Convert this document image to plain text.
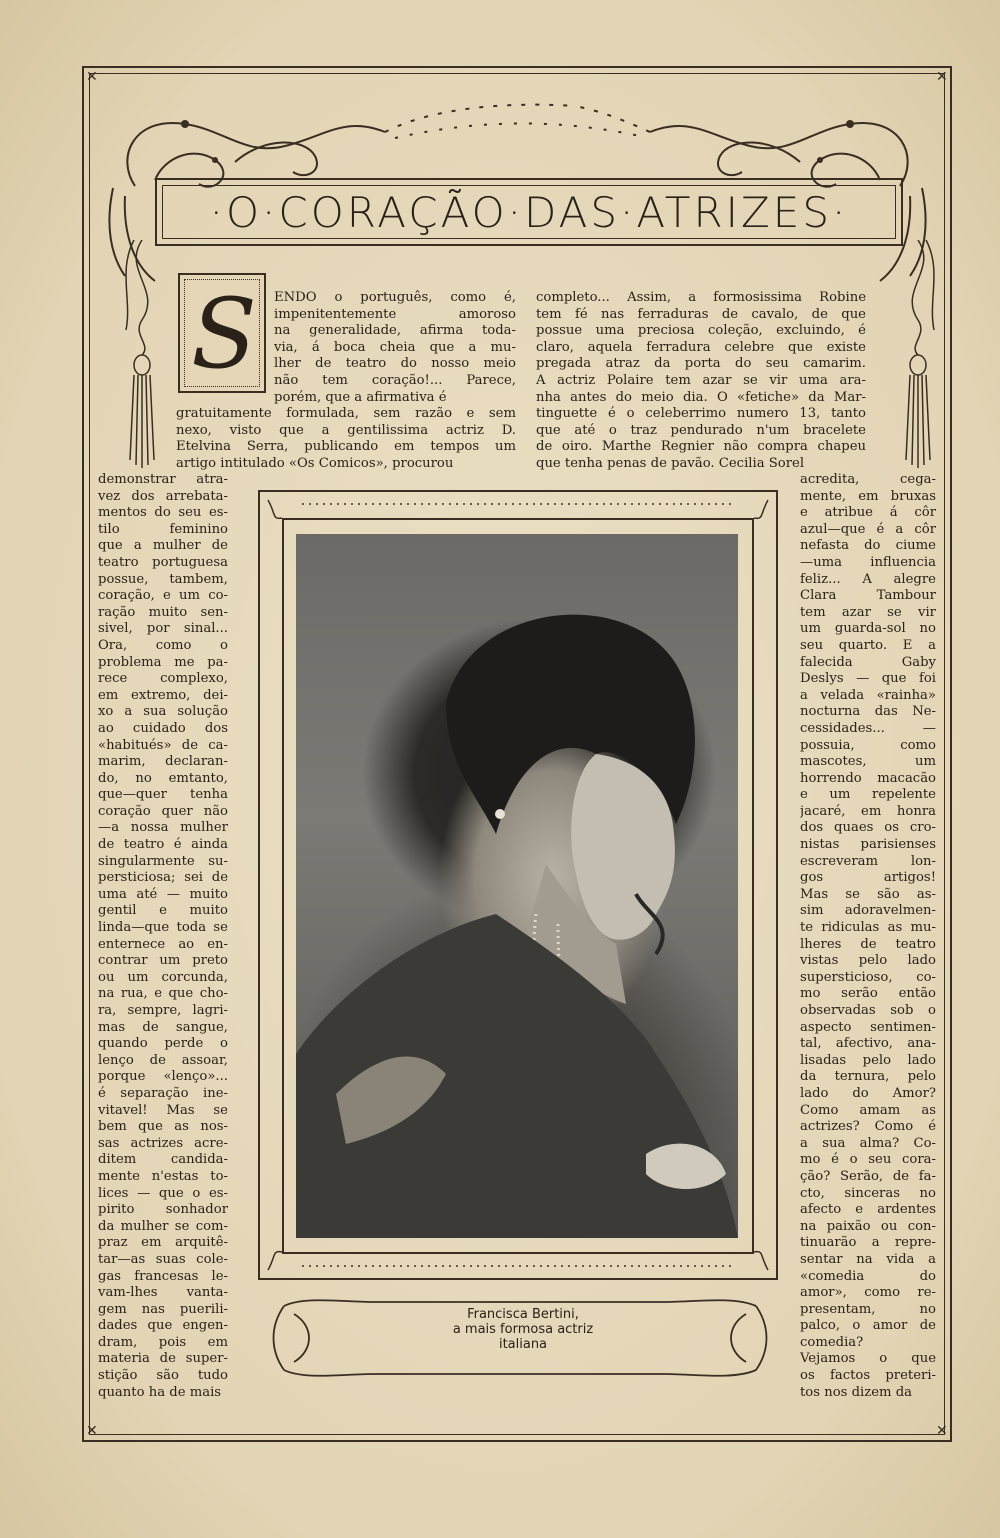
✕	✕
✕	✕
·O·CORAÇÃO·DAS·ATRIZES·
S	ENDO o português, como é,
impenitentemente amoroso
na generalidade, afirma toda-
via, á boca cheia que a mu-
lher de teatro do nosso meio
não tem coração!... Parece,
porém, que a afirmativa é
gratuitamente formulada, sem razão e sem
nexo, visto que a gentilissima actriz D.
Etelvina Serra, publicando em tempos um
artigo intitulado «Os Comicos», procurou
demonstrar atra-
vez dos arrebata-
mentos do seu es-
tilo feminino
que a mulher de
teatro portuguesa
possue, tambem,
coração, e um co-
ração muito sen-
sivel, por sinal...
Ora, como o
problema me pa-
rece complexo,
em extremo, dei-
xo a sua solução
ao cuidado dos
«habitués» de ca-
marim, declaran-
do, no emtanto,
que—quer tenha
coração quer não
—a nossa mulher
de teatro é ainda
singularmente su-
persticiosa; sei de
uma até — muito
gentil e muito
linda—que toda se
enternece ao en-
contrar um preto
ou um corcunda,
na rua, e que cho-
ra, sempre, lagri-
mas de sangue,
quando perde o
lenço de assoar,
porque «lenço»...
é separação ine-
vitavel! Mas se
bem que as nos-
sas actrizes acre-
ditem candida-
mente n'estas to-
lices — que o es-
pirito sonhador
da mulher se com-
praz em arquitê-
tar—as suas cole-
gas francesas le-
vam-lhes vanta-
gem nas puerili-
dades que engen-
dram, pois em
materia de super-
stição são tudo
quanto ha de mais
completo... Assim, a formosissima Robine
tem fé nas ferraduras de cavalo, de que
possue uma preciosa coleção, excluindo, é
claro, aquela ferradura celebre que existe
pregada atraz da porta do seu camarim.
A actriz Polaire tem azar se vir uma ara-
nha antes do meio dia. O «fetiche» da Mar-
tinguette é o celeberrimo numero 13, tanto
que até o traz pendurado n'um bracelete
de oiro. Marthe Regnier não compra chapeu
que tenha penas de pavão. Cecilia Sorel
acredita, cega-
mente, em bruxas
e atribue á côr
azul—que é a côr
nefasta do ciume
—uma influencia
feliz... A alegre
Clara Tambour
tem azar se vir
um guarda-sol no
seu quarto. E a
falecida Gaby
Deslys — que foi
a velada «rainha»
nocturna das Ne-
cessidades... —
possuia, como
mascotes, um
horrendo macacão
e um repelente
jacaré, em honra
dos quaes os cro-
nistas parisienses
escreveram lon-
gos artigos!
Mas se são as-
sim adoravelmen-
te ridiculas as mu-
lheres de teatro
vistas pelo lado
supersticioso, co-
mo serão então
observadas sob o
aspecto sentimen-
tal, afectivo, ana-
lisadas pelo lado
da ternura, pelo
lado do Amor?
Como amam as
actrizes? Como é
a sua alma? Co-
mo é o seu cora-
ção? Serão, de fa-
cto, sinceras no
afecto e ardentes
na paixão ou con-
tinuarão a repre-
sentar na vida a
«comedia do
amor», como re-
presentam, no
palco, o amor de
comedia?
Vejamos o que
os factos preteri-
tos nos dizem da
Francisca Bertini,
a mais formosa actriz
italiana
